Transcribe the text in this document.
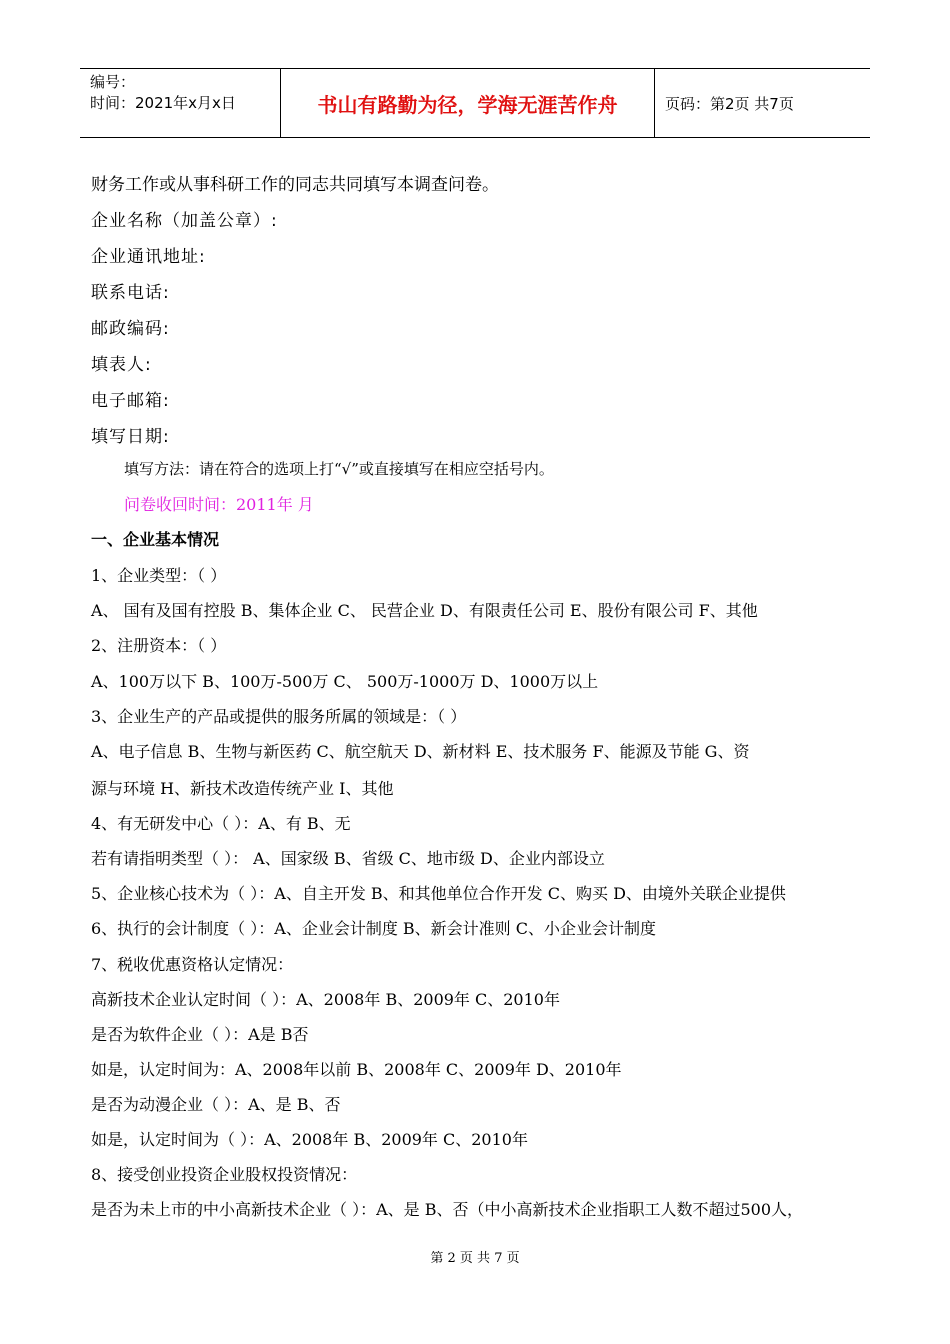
编号：
时间：2021年x月x日	书山有路勤为径，学海无涯苦作舟	页码：第2页 共7页
财务工作或从事科研工作的同志共同填写本调查问卷。
企业名称（加盖公章）:
企业通讯地址:
联系电话:
邮政编码:
填表人:
电子邮箱:
填写日期:
填写方法：请在符合的选项上打“√”或直接填写在相应空括号内。
问卷收回时间：2011年 月
一、企业基本情况
1、企业类型：（ ）
A、 国有及国有控股 B、集体企业 C、 民营企业 D、有限责任公司 E、股份有限公司 F、其他
2、注册资本：（ ）
A、100万以下 B、100万-500万 C、 500万-1000万 D、1000万以上
3、企业生产的产品或提供的服务所属的领域是：（ ）
A、电子信息 B、生物与新医药 C、航空航天 D、新材料 E、技术服务 F、能源及节能 G、资
源与环境 H、新技术改造传统产业 I、其他
4、有无研发中心（ ）：A、有 B、无
若有请指明类型（ ）： A、国家级 B、省级 C、地市级 D、企业内部设立
5、企业核心技术为（ ）：A、自主开发 B、和其他单位合作开发 C、购买 D、由境外关联企业提供
6、执行的会计制度（ ）：A、企业会计制度 B、新会计准则 C、小企业会计制度
7、税收优惠资格认定情况：
高新技术企业认定时间（ ）：A、2008年 B、2009年 C、2010年
是否为软件企业（ ）：A是 B否
如是，认定时间为：A、2008年以前 B、2008年 C、2009年 D、2010年
是否为动漫企业（ ）：A、是 B、否
如是，认定时间为（ ）：A、2008年 B、2009年 C、2010年
8、接受创业投资企业股权投资情况：
是否为未上市的中小高新技术企业（ ）：A、是 B、否（中小高新技术企业指职工人数不超过500人，
第 2 页 共 7 页
